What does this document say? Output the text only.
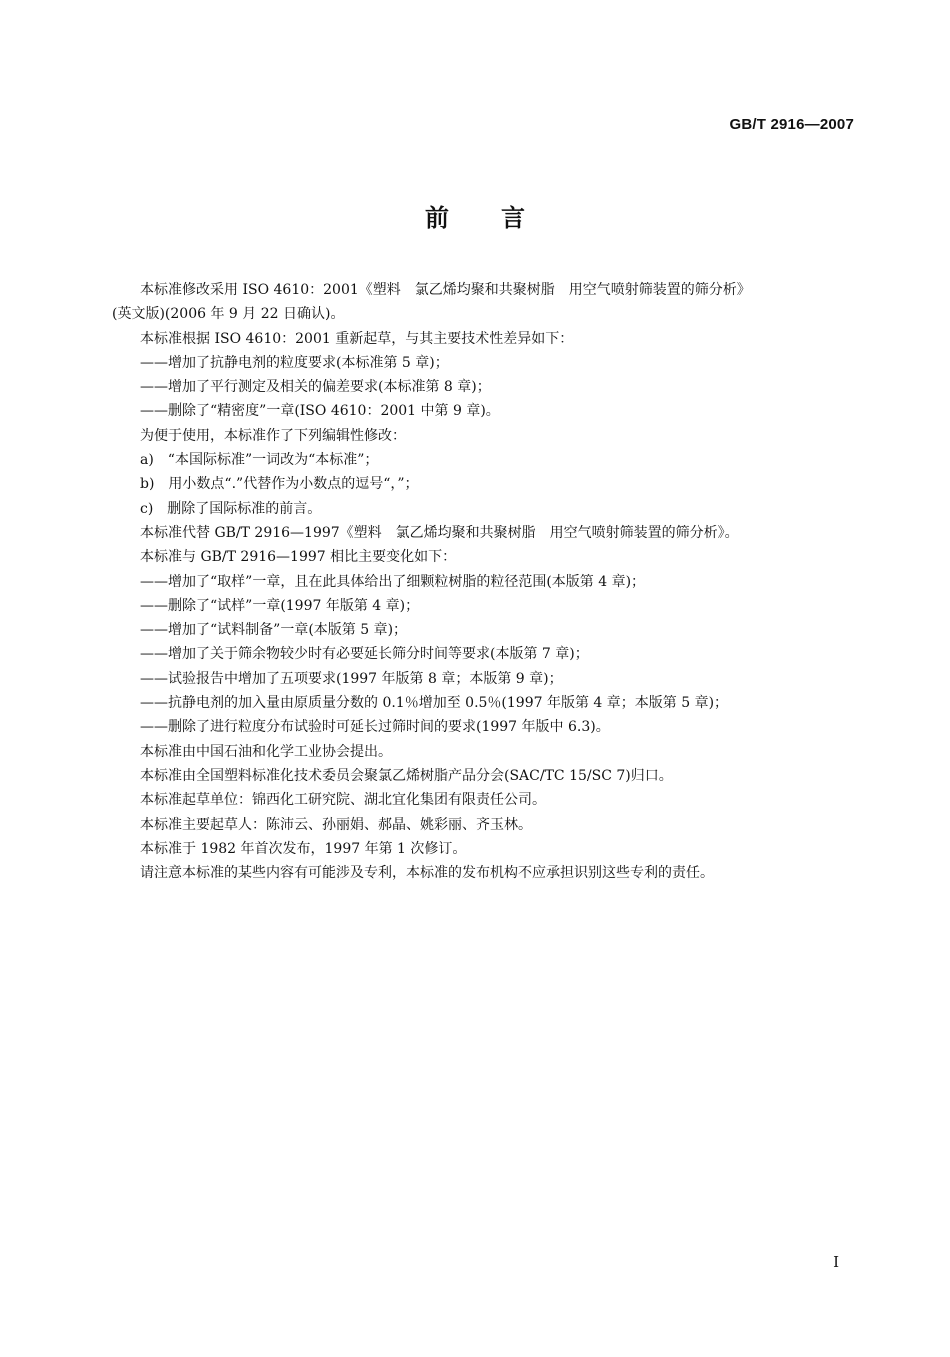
GB/T 2916—2007
前 言

本标准修改采用 ISO 4610：2001《塑料　氯乙烯均聚和共聚树脂　用空气喷射筛装置的筛分析》

(英文版)(2006 年 9 月 22 日确认)。

本标准根据 ISO 4610：2001 重新起草，与其主要技术性差异如下：

——增加了抗静电剂的粒度要求(本标准第 5 章)；

——增加了平行测定及相关的偏差要求(本标准第 8 章)；

——删除了“精密度”一章(ISO 4610：2001 中第 9 章)。

为便于使用，本标准作了下列编辑性修改：

a)　“本国际标准”一词改为“本标准”；

b)　用小数点“.”代替作为小数点的逗号“，”；

c)　删除了国际标准的前言。

本标准代替 GB/T 2916—1997《塑料　氯乙烯均聚和共聚树脂　用空气喷射筛装置的筛分析》。

本标准与 GB/T 2916—1997 相比主要变化如下：

——增加了“取样”一章，且在此具体给出了细颗粒树脂的粒径范围(本版第 4 章)；

——删除了“试样”一章(1997 年版第 4 章)；

——增加了“试料制备”一章(本版第 5 章)；

——增加了关于筛余物较少时有必要延长筛分时间等要求(本版第 7 章)；

——试验报告中增加了五项要求(1997 年版第 8 章；本版第 9 章)；

——抗静电剂的加入量由原质量分数的 0.1％增加至 0.5％(1997 年版第 4 章；本版第 5 章)；

——删除了进行粒度分布试验时可延长过筛时间的要求(1997 年版中 6.3)。

本标准由中国石油和化学工业协会提出。

本标准由全国塑料标准化技术委员会聚氯乙烯树脂产品分会(SAC/TC 15/SC 7)归口。

本标准起草单位：锦西化工研究院、湖北宜化集团有限责任公司。

本标准主要起草人：陈沛云、孙丽娟、郝晶、姚彩丽、齐玉林。

本标准于 1982 年首次发布，1997 年第 1 次修订。

请注意本标准的某些内容有可能涉及专利，本标准的发布机构不应承担识别这些专利的责任。

I
